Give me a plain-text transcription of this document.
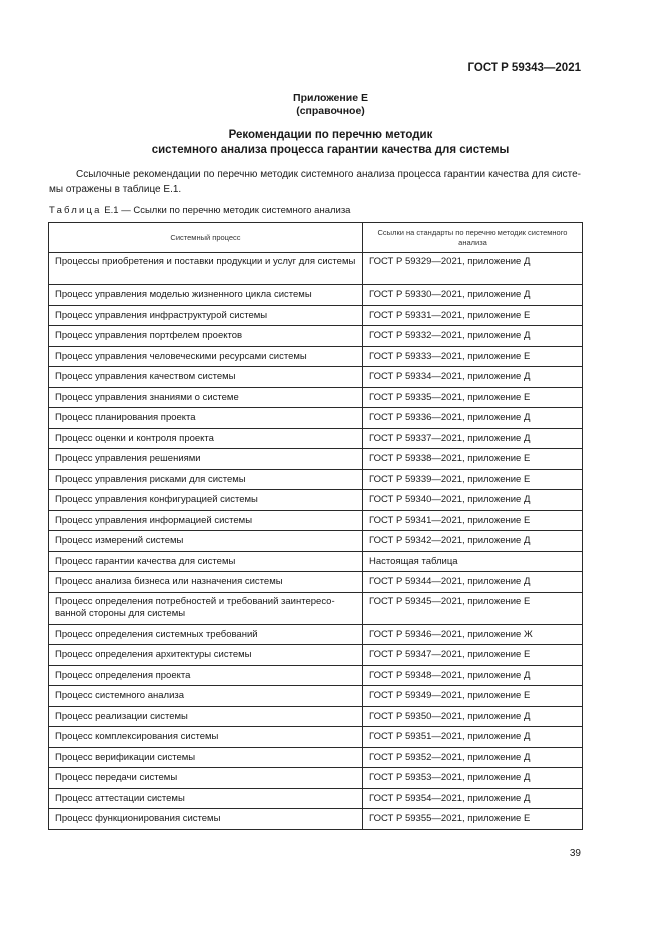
ГОСТ Р 59343—2021
Приложение Е
(справочное)
Рекомендации по перечню методик
системного анализа процесса гарантии качества для системы
Ссылочные рекомендации по перечню методик системного анализа процесса гарантии качества для систе-мы отражены в таблице Е.1.
Таблица Е.1 — Ссылки по перечню методик системного анализа
Системный процесс	Ссылки на стандарты по перечню методик системного анализа
Процессы приобретения и поставки продукции и услуг для системы	ГОСТ Р 59329—2021, приложение Д
Процесс управления моделью жизненного цикла системы	ГОСТ Р 59330—2021, приложение Д
Процесс управления инфраструктурой системы	ГОСТ Р 59331—2021, приложение Е
Процесс управления портфелем проектов	ГОСТ Р 59332—2021, приложение Д
Процесс управления человеческими ресурсами системы	ГОСТ Р 59333—2021, приложение Е
Процесс управления качеством системы	ГОСТ Р 59334—2021, приложение Д
Процесс управления знаниями о системе	ГОСТ Р 59335—2021, приложение Е
Процесс планирования проекта	ГОСТ Р 59336—2021, приложение Д
Процесс оценки и контроля проекта	ГОСТ Р 59337—2021, приложение Д
Процесс управления решениями	ГОСТ Р 59338—2021, приложение Е
Процесс управления рисками для системы	ГОСТ Р 59339—2021, приложение Е
Процесс управления конфигурацией системы	ГОСТ Р 59340—2021, приложение Д
Процесс управления информацией системы	ГОСТ Р 59341—2021, приложение Е
Процесс измерений системы	ГОСТ Р 59342—2021, приложение Д
Процесс гарантии качества для системы	Настоящая таблица
Процесс анализа бизнеса или назначения системы	ГОСТ Р 59344—2021, приложение Д
Процесс определения потребностей и требований заинтересо-ванной стороны для системы	ГОСТ Р 59345—2021, приложение Е
Процесс определения системных требований	ГОСТ Р 59346—2021, приложение Ж
Процесс определения архитектуры системы	ГОСТ Р 59347—2021, приложение Е
Процесс определения проекта	ГОСТ Р 59348—2021, приложение Д
Процесс системного анализа	ГОСТ Р 59349—2021, приложение Е
Процесс реализации системы	ГОСТ Р 59350—2021, приложение Д
Процесс комплексирования системы	ГОСТ Р 59351—2021, приложение Д
Процесс верификации системы	ГОСТ Р 59352—2021, приложение Д
Процесс передачи системы	ГОСТ Р 59353—2021, приложение Д
Процесс аттестации системы	ГОСТ Р 59354—2021, приложение Д
Процесс функционирования системы	ГОСТ Р 59355—2021, приложение Е
39
